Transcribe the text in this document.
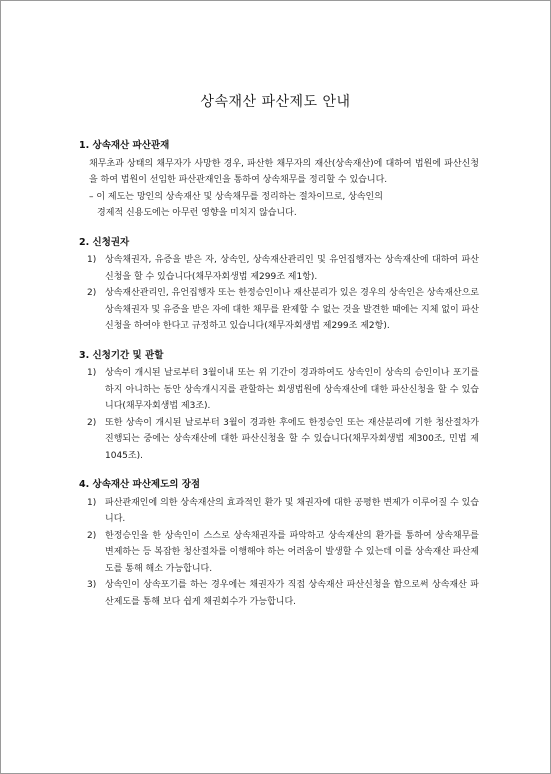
상속재산 파산제도 안내
1. 상속재산 파산관재
채무초과 상태의 채무자가 사망한 경우, 파산한 채무자의 재산(상속재산)에 대하여 법원에 파산신청을 하여 법원이 선임한 파산관재인을 통하여 상속채무를 정리할 수 있습니다.
– 이 제도는 망인의 상속재산 및 상속채무를 정리하는 절차이므로, 상속인의
경제적 신용도에는 아무런 영향을 미치지 않습니다.
2. 신청권자
1) 상속채권자, 유증을 받은 자, 상속인, 상속재산관리인 및 유언집행자는 상속재산에 대하여 파산신청을 할 수 있습니다(채무자회생법 제299조 제1항).
2) 상속재산관리인, 유언집행자 또는 한정승인이나 재산분리가 있은 경우의 상속인은 상속재산으로 상속채권자 및 유증을 받은 자에 대한 채무를 완제할 수 없는 것을 발견한 때에는 지체 없이 파산신청을 하여야 한다고 규정하고 있습니다(채무자회생법 제299조 제2항).
3. 신청기간 및 관할
1) 상속이 개시된 날로부터 3월이내 또는 위 기간이 경과하여도 상속인이 상속의 승인이나 포기를 하지 아니하는 동안 상속개시지를 관할하는 회생법원에 상속재산에 대한 파산신청을 할 수 있습니다(채무자회생법 제3조).
2) 또한 상속이 개시된 날로부터 3월이 경과한 후에도 한정승인 또는 재산분리에 기한 청산절차가 진행되는 중에는 상속재산에 대한 파산신청을 할 수 있습니다(채무자회생법 제300조, 민법 제1045조).
4. 상속재산 파산제도의 장점
1) 파산관재인에 의한 상속재산의 효과적인 환가 및 채권자에 대한 공평한 변제가 이루어질 수 있습니다.
2) 한정승인을 한 상속인이 스스로 상속채권자를 파악하고 상속재산의 환가를 통하여 상속채무를 변제하는 등 복잡한 청산절차를 이행해야 하는 어려움이 발생할 수 있는데 이를 상속재산 파산제도를 통해 해소 가능합니다.
3) 상속인이 상속포기를 하는 경우에는 채권자가 직접 상속재산 파산신청을 함으로써 상속재산 파산제도를 통해 보다 쉽게 채권회수가 가능합니다.
